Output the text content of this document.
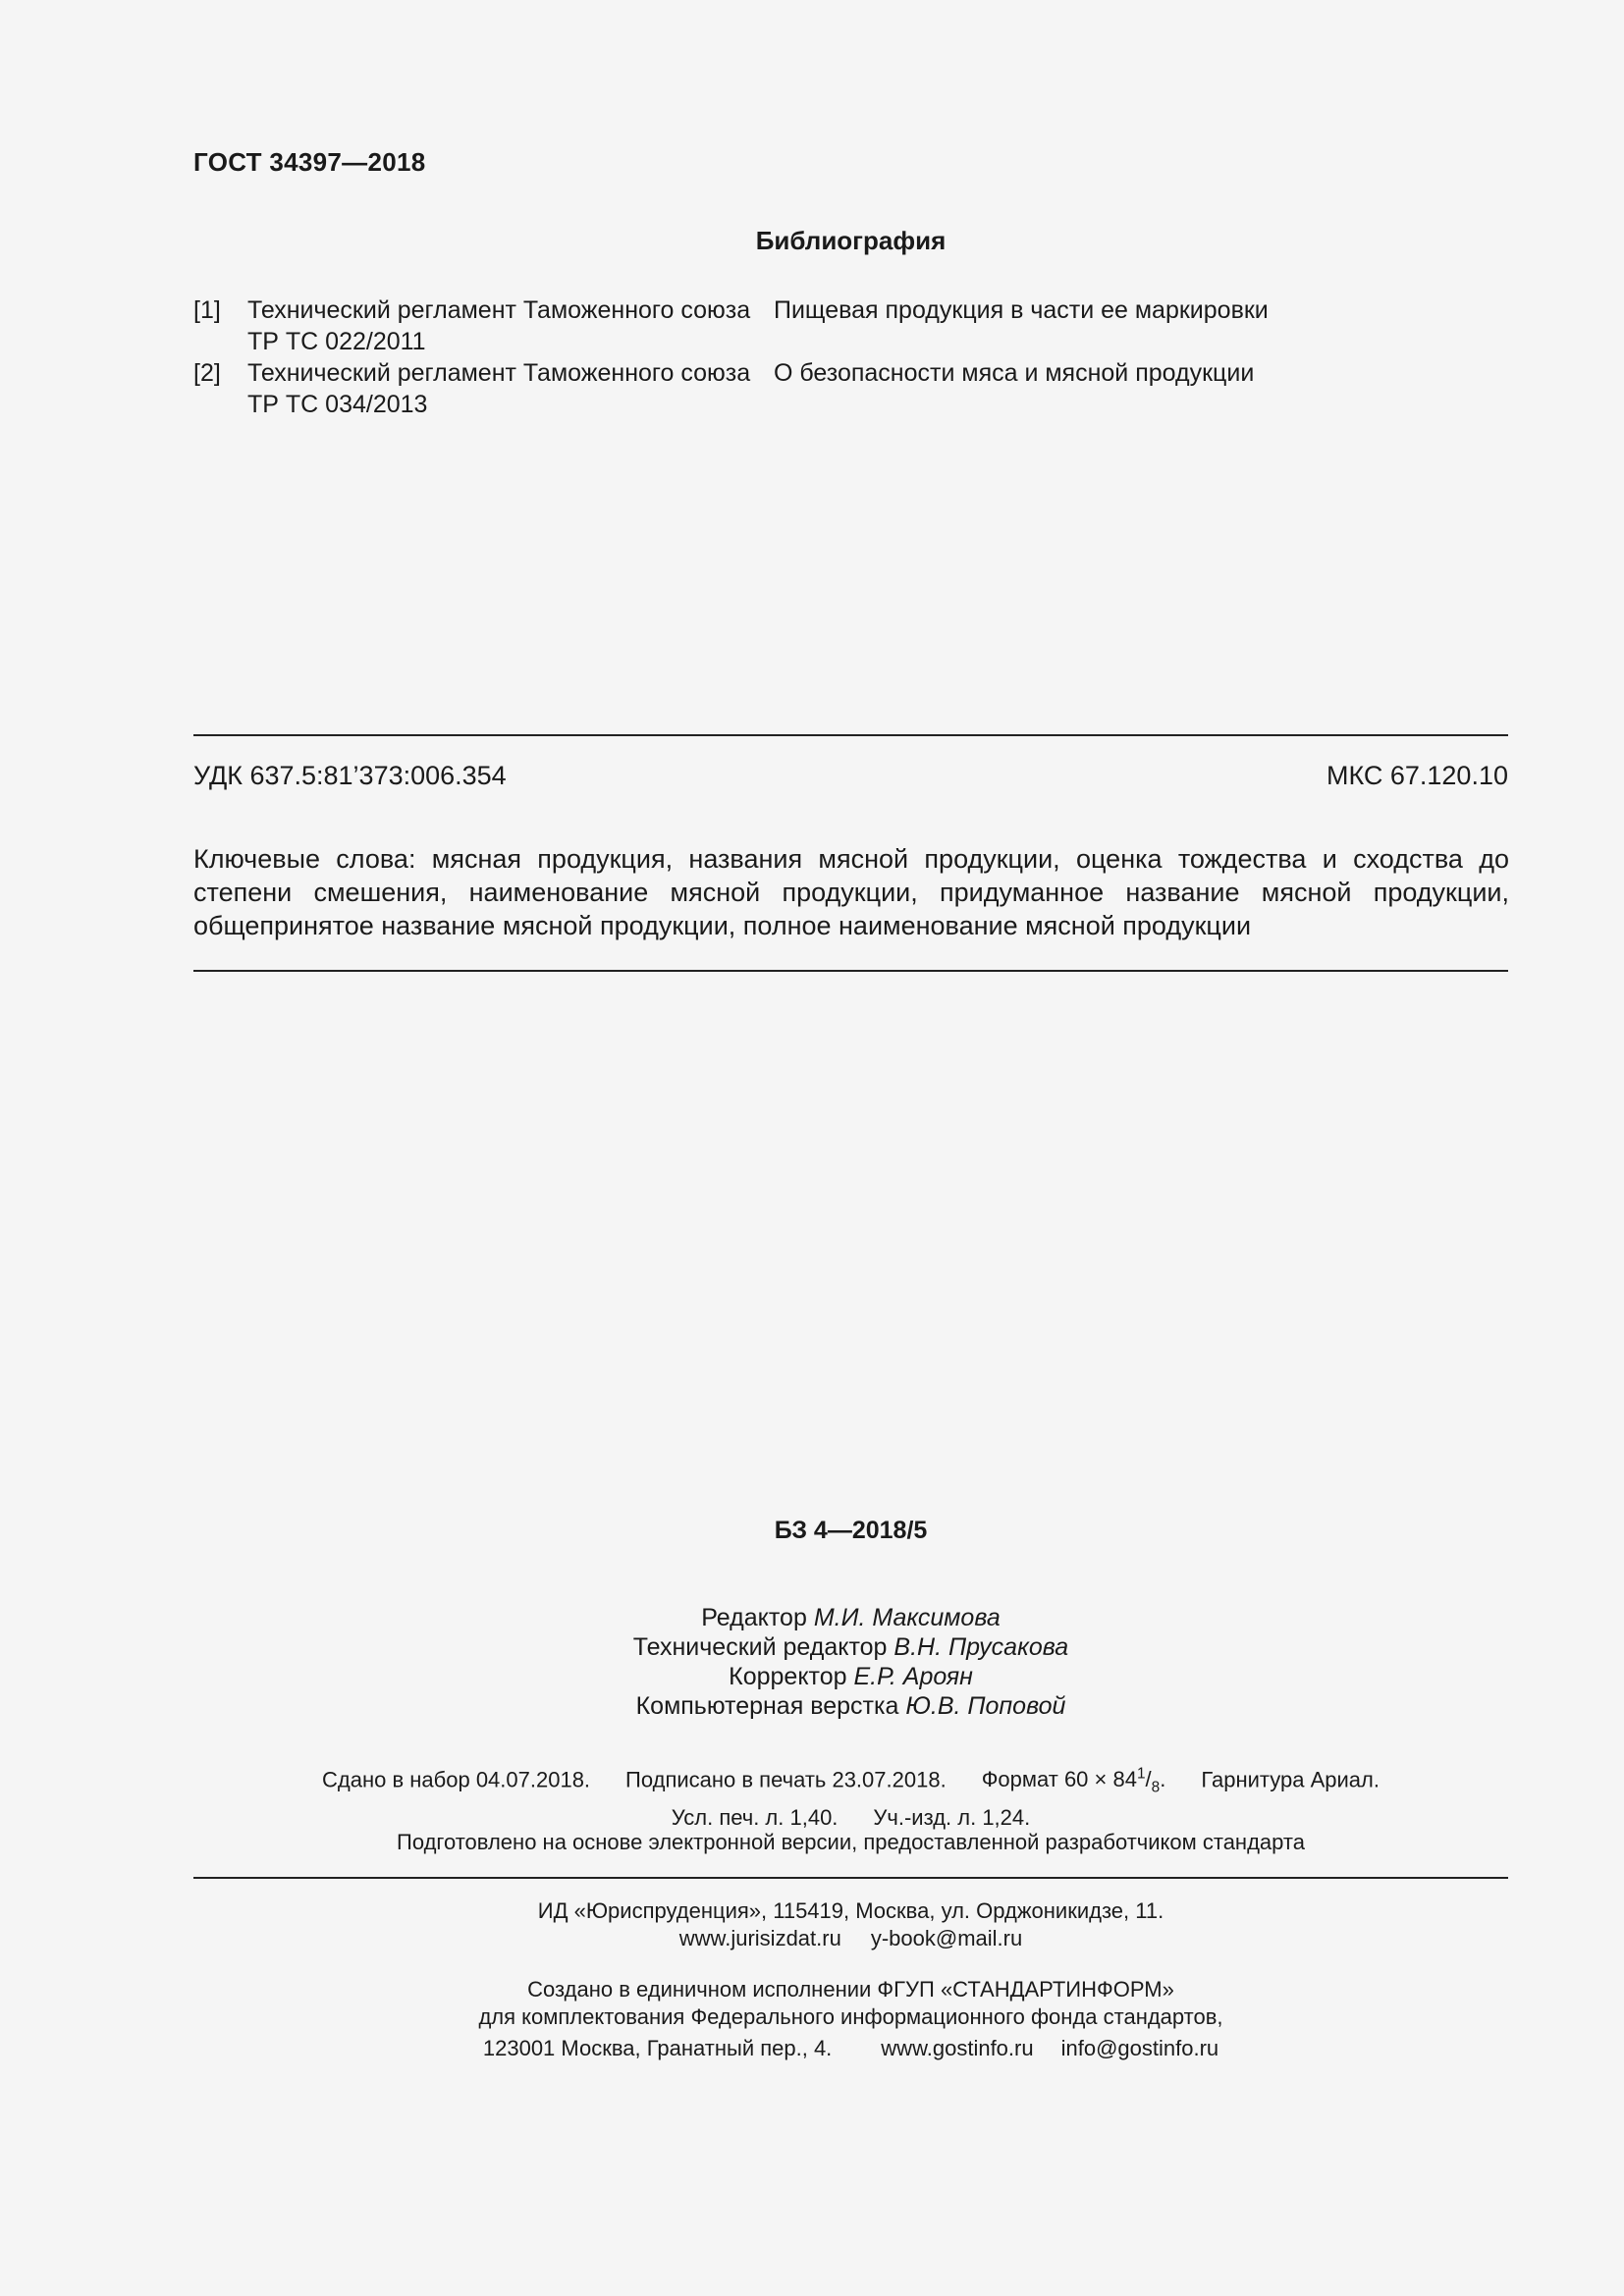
ГОСТ 34397—2018
Библиография
[1] Технический регламент Таможенного союза
ТР ТС 022/2011
Пищевая продукция в части ее маркировки
[2] Технический регламент Таможенного союза
ТР ТС 034/2013
О безопасности мяса и мясной продукции
УДК 637.5:81’373:006.354	МКС 67.120.10
Ключевые слова: мясная продукция, названия мясной продукции, оценка тождества и сходства до степени смешения, наименование мясной продукции, придуманное название мясной продукции, общепринятое название мясной продукции, полное наименование мясной продукции
БЗ 4—2018/5
Редактор М.И. Максимова
Технический редактор В.Н. Прусакова
Корректор Е.Р. Ароян
Компьютерная верстка Ю.В. Поповой
Сдано в набор 04.07.2018. Подписано в печать 23.07.2018. Формат $60 \times 84^1/_8$. Гарнитура Ариал.
Усл. печ. л. 1,40. Уч.-изд. л. 1,24.
Подготовлено на основе электронной версии, предоставленной разработчиком стандарта
ИД «Юриспруденция», 115419, Москва, ул. Орджоникидзе, 11.
www.jurisizdat.ru y-book@mail.ru
Создано в единичном исполнении ФГУП «СТАНДАРТИНФОРМ»
для комплектования Федерального информационного фонда стандартов,
123001 Москва, Гранатный пер., 4. www.gostinfo.ru info@gostinfo.ru
